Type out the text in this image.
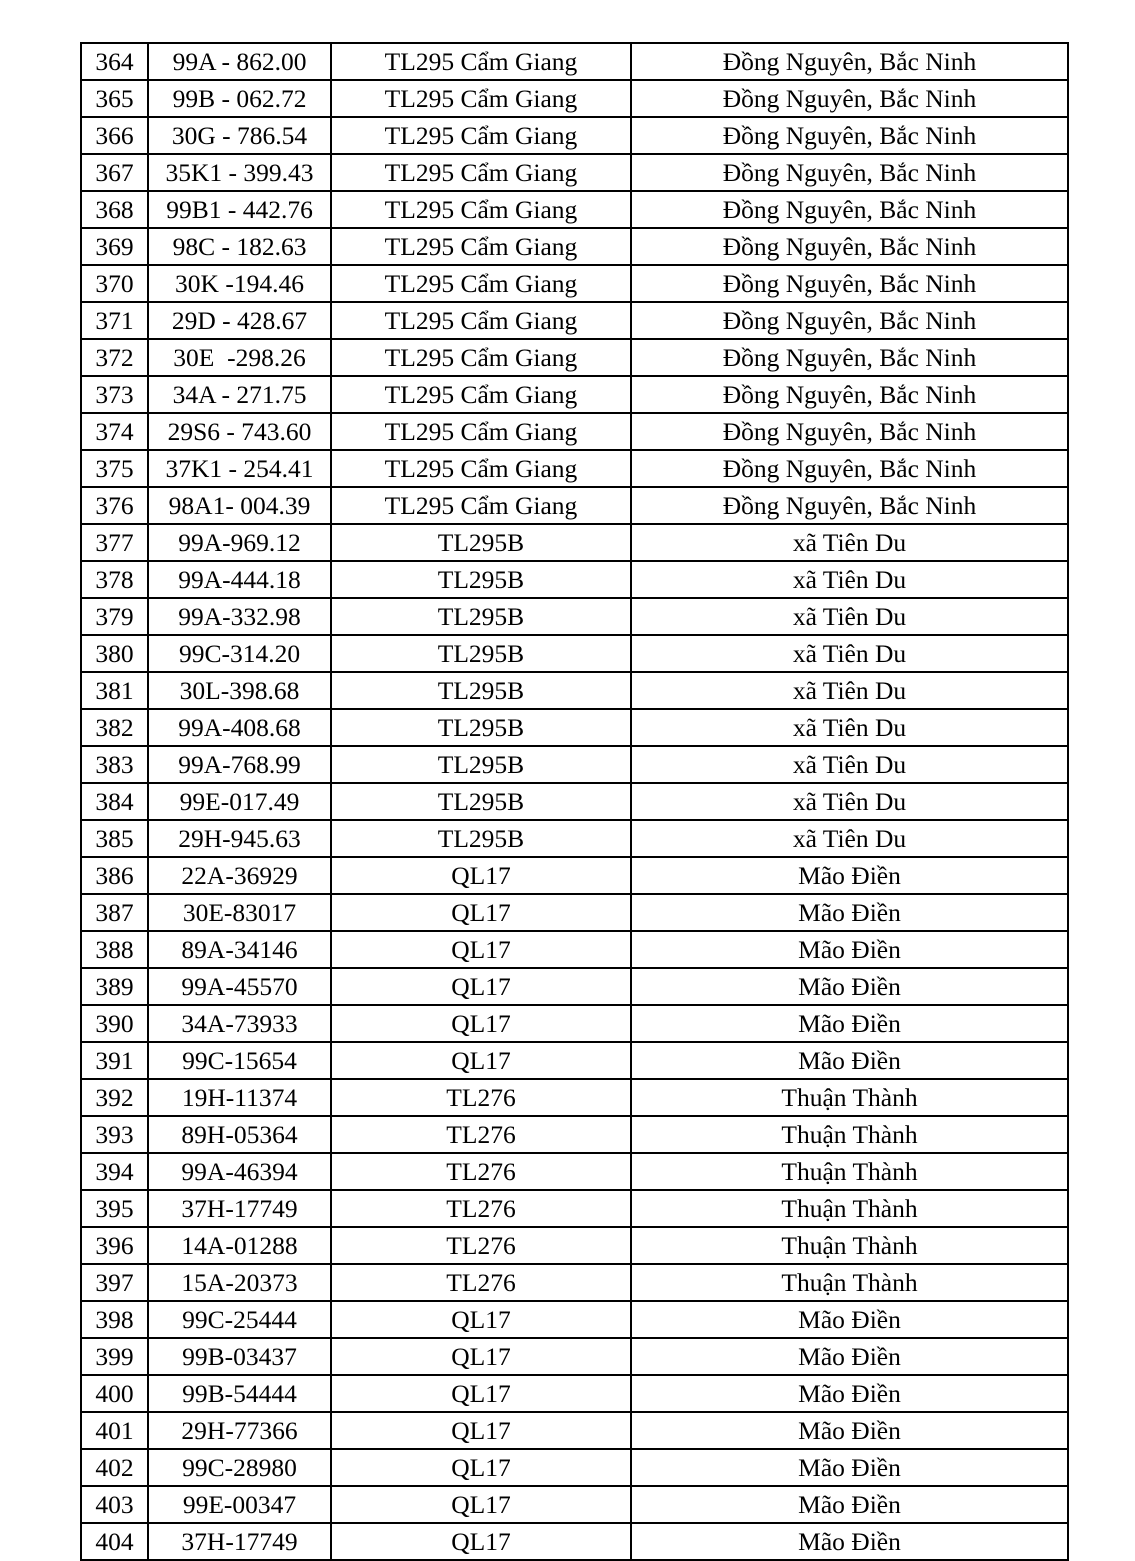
364	99A - 862.00	TL295 Cẩm Giang	Đồng Nguyên, Bắc Ninh
365	99B - 062.72	TL295 Cẩm Giang	Đồng Nguyên, Bắc Ninh
366	30G - 786.54	TL295 Cẩm Giang	Đồng Nguyên, Bắc Ninh
367	35K1 - 399.43	TL295 Cẩm Giang	Đồng Nguyên, Bắc Ninh
368	99B1 - 442.76	TL295 Cẩm Giang	Đồng Nguyên, Bắc Ninh
369	98C - 182.63	TL295 Cẩm Giang	Đồng Nguyên, Bắc Ninh
370	30K -194.46	TL295 Cẩm Giang	Đồng Nguyên, Bắc Ninh
371	29D - 428.67	TL295 Cẩm Giang	Đồng Nguyên, Bắc Ninh
372	30E  -298.26	TL295 Cẩm Giang	Đồng Nguyên, Bắc Ninh
373	34A - 271.75	TL295 Cẩm Giang	Đồng Nguyên, Bắc Ninh
374	29S6 - 743.60	TL295 Cẩm Giang	Đồng Nguyên, Bắc Ninh
375	37K1 - 254.41	TL295 Cẩm Giang	Đồng Nguyên, Bắc Ninh
376	98A1- 004.39	TL295 Cẩm Giang	Đồng Nguyên, Bắc Ninh
377	99A-969.12	TL295B	xã Tiên Du
378	99A-444.18	TL295B	xã Tiên Du
379	99A-332.98	TL295B	xã Tiên Du
380	99C-314.20	TL295B	xã Tiên Du
381	30L-398.68	TL295B	xã Tiên Du
382	99A-408.68	TL295B	xã Tiên Du
383	99A-768.99	TL295B	xã Tiên Du
384	99E-017.49	TL295B	xã Tiên Du
385	29H-945.63	TL295B	xã Tiên Du
386	22A-36929	QL17	Mão Điền
387	30E-83017	QL17	Mão Điền
388	89A-34146	QL17	Mão Điền
389	99A-45570	QL17	Mão Điền
390	34A-73933	QL17	Mão Điền
391	99C-15654	QL17	Mão Điền
392	19H-11374	TL276	Thuận Thành
393	89H-05364	TL276	Thuận Thành
394	99A-46394	TL276	Thuận Thành
395	37H-17749	TL276	Thuận Thành
396	14A-01288	TL276	Thuận Thành
397	15A-20373	TL276	Thuận Thành
398	99C-25444	QL17	Mão Điền
399	99B-03437	QL17	Mão Điền
400	99B-54444	QL17	Mão Điền
401	29H-77366	QL17	Mão Điền
402	99C-28980	QL17	Mão Điền
403	99E-00347	QL17	Mão Điền
404	37H-17749	QL17	Mão Điền
